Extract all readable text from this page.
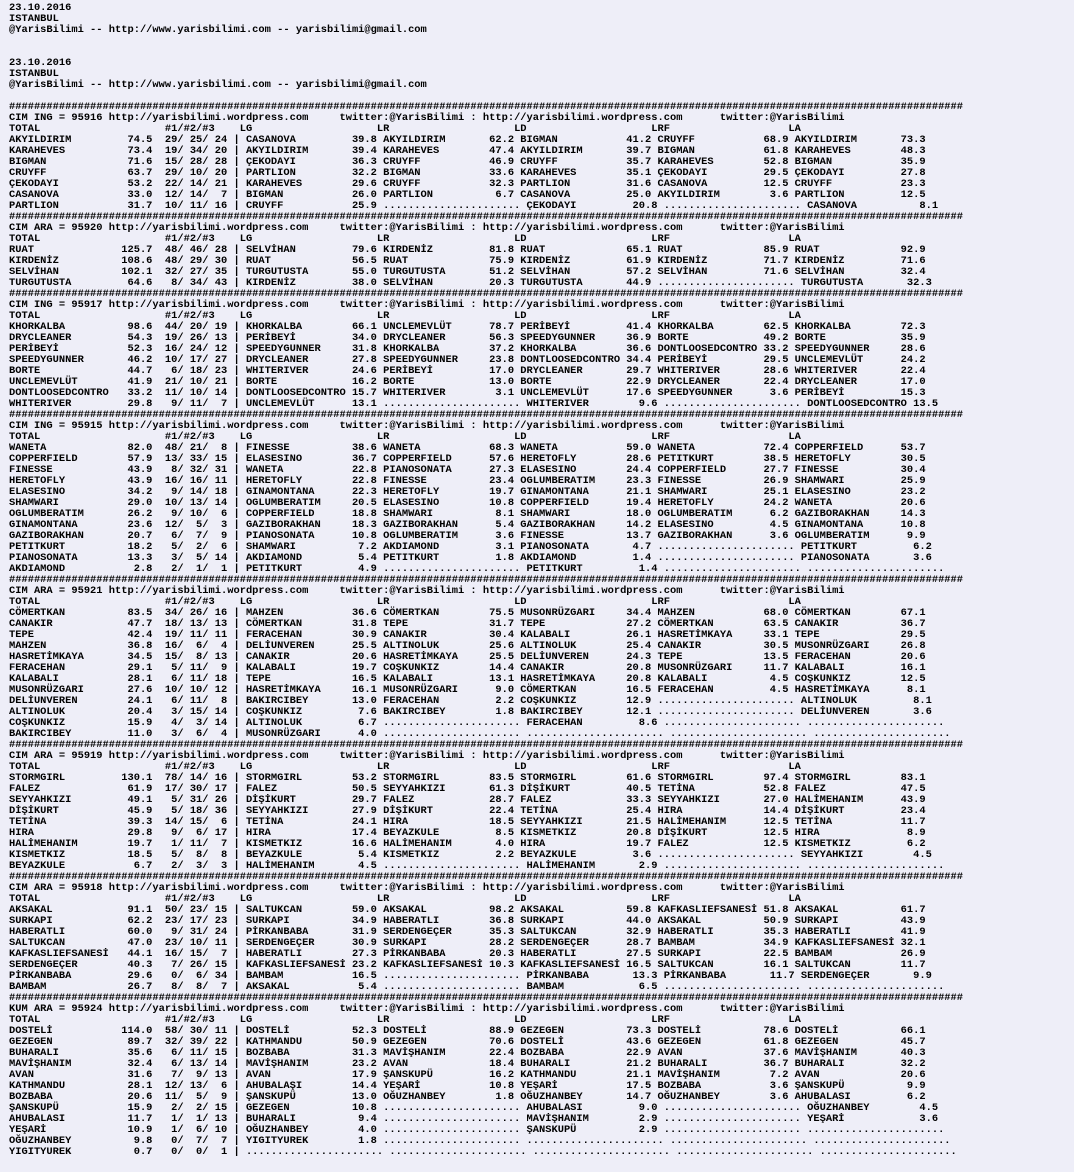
23.10.2016
ISTANBUL
@YarisBilimi -- http://www.yarisbilimi.com -- yarisbilimi@gmail.com
23.10.2016
ISTANBUL
@YarisBilimi -- http://www.yarisbilimi.com -- yarisbilimi@gmail.com
#########################################################################################################################################################
CIM ING = 95916 http://yarisbilimi.wordpress.com     twitter:@YarisBilimi : http://yarisbilimi.wordpress.com      twitter:@YarisBilimi
TOTAL                    #1/#2/#3    LG                    LR                    LD                    LRF                   LA
AKYILDIRIM         74.5  29/ 25/ 24 | CASANOVA         39.8 AKYILDIRIM       62.2 BIGMAN           41.2 CRUYFF           68.9 AKYILDIRIM       73.3
KARAHEVES          73.4  19/ 34/ 20 | AKYILDIRIM       39.4 KARAHEVES        47.4 AKYILDIRIM       39.7 BIGMAN           61.8 KARAHEVES        48.3
BIGMAN             71.6  15/ 28/ 28 | ÇEKODAYI         36.3 CRUYFF           46.9 CRUYFF           35.7 KARAHEVES        52.8 BIGMAN           35.9
CRUYFF             63.7  29/ 10/ 20 | PARTLION         32.2 BIGMAN           33.6 KARAHEVES        35.1 ÇEKODAYI         29.5 ÇEKODAYI         27.8
ÇEKODAYI           53.2  22/ 14/ 21 | KARAHEVES        29.6 CRUYFF           32.3 PARTLION         31.6 CASANOVA         12.5 CRUYFF           23.3
CASANOVA           33.0  12/ 14/  7 | BIGMAN           26.0 PARTLION          6.7 CASANOVA         25.0 AKYILDIRIM        3.6 PARTLION         12.5
PARTLION           31.7  10/ 11/ 16 | CRUYFF           25.9 ...................... ÇEKODAYI         20.8 ...................... CASANOVA          8.1
#########################################################################################################################################################
CIM ARA = 95920 http://yarisbilimi.wordpress.com     twitter:@YarisBilimi : http://yarisbilimi.wordpress.com      twitter:@YarisBilimi
TOTAL                    #1/#2/#3    LG                    LR                    LD                    LRF                   LA
RUAT              125.7  48/ 46/ 28 | SELVİHAN         79.6 KIRDENİZ         81.8 RUAT             65.1 RUAT             85.9 RUAT             92.9
KIRDENİZ          108.6  48/ 29/ 30 | RUAT             56.5 RUAT             75.9 KIRDENİZ         61.9 KIRDENİZ         71.7 KIRDENİZ         71.6
SELVİHAN          102.1  32/ 27/ 35 | TURGUTUSTA       55.0 TURGUTUSTA       51.2 SELVİHAN         57.2 SELVİHAN         71.6 SELVİHAN         32.4
TURGUTUSTA         64.6   8/ 34/ 43 | KIRDENİZ         38.0 SELVİHAN         20.3 TURGUTUSTA       44.9 ...................... TURGUTUSTA       32.3
#########################################################################################################################################################
CIM ING = 95917 http://yarisbilimi.wordpress.com     twitter:@YarisBilimi : http://yarisbilimi.wordpress.com      twitter:@YarisBilimi
TOTAL                    #1/#2/#3    LG                    LR                    LD                    LRF                   LA
KHORKALBA          98.6  44/ 20/ 19 | KHORKALBA        66.1 UNCLEMEVLÜT      78.7 PERİBEYİ         41.4 KHORKALBA        62.5 KHORKALBA        72.3
DRYCLEANER         54.3  19/ 26/ 13 | PERİBEYİ         34.0 DRYCLEANER       56.3 SPEEDYGUNNER     36.9 BORTE            49.2 BORTE            35.9
PERİBEYİ           52.3  16/ 24/ 12 | SPEEDYGUNNER     31.8 KHORKALBA        37.2 KHORKALBA        36.6 DONTLOOSEDCONTRO 33.2 SPEEDYGUNNER     28.6
SPEEDYGUNNER       46.2  10/ 17/ 27 | DRYCLEANER       27.8 SPEEDYGUNNER     23.8 DONTLOOSEDCONTRO 34.4 PERİBEYİ         29.5 UNCLEMEVLÜT      24.2
BORTE              44.7   6/ 18/ 23 | WHITERIVER       24.6 PERİBEYİ         17.0 DRYCLEANER       29.7 WHITERIVER       28.6 WHITERIVER       22.4
UNCLEMEVLÜT        41.9  21/ 10/ 21 | BORTE            16.2 BORTE            13.0 BORTE            22.9 DRYCLEANER       22.4 DRYCLEANER       17.0
DONTLOOSEDCONTRO   33.2  11/ 10/ 14 | DONTLOOSEDCONTRO 15.7 WHITERIVER        3.1 UNCLEMEVLÜT      17.6 SPEEDYGUNNER      3.6 PERİBEYİ         15.3
WHITERIVER         29.8   9/ 11/  7 | UNCLEMEVLÜT      13.1 ...................... WHITERIVER        9.6 ...................... DONTLOOSEDCONTRO 13.5
#########################################################################################################################################################
CIM ING = 95915 http://yarisbilimi.wordpress.com     twitter:@YarisBilimi : http://yarisbilimi.wordpress.com      twitter:@YarisBilimi
TOTAL                    #1/#2/#3    LG                    LR                    LD                    LRF                   LA
WANETA             82.0  48/ 21/  8 | FINESSE          38.6 WANETA           68.3 WANETA           59.0 WANETA           72.4 COPPERFIELD      53.7
COPPERFIELD        57.9  13/ 33/ 15 | ELASESINO        36.7 COPPERFIELD      57.6 HERETOFLY        28.6 PETITKURT        38.5 HERETOFLY        30.5
FINESSE            43.9   8/ 32/ 31 | WANETA           22.8 PIANOSONATA      27.3 ELASESINO        24.4 COPPERFIELD      27.7 FINESSE          30.4
HERETOFLY          43.9  16/ 16/ 11 | HERETOFLY        22.8 FINESSE          23.4 OGLUMBERATIM     23.3 FINESSE          26.9 SHAMWARI         25.9
ELASESINO          34.2   9/ 14/ 18 | GINAMONTANA      22.3 HERETOFLY        19.7 GINAMONTANA      21.1 SHAMWARI         25.1 ELASESINO        23.2
SHAMWARI           29.0  10/ 13/ 14 | OGLUMBERATIM     20.5 ELASESINO        10.8 COPPERFIELD      19.4 HERETOFLY        24.2 WANETA           20.6
OGLUMBERATIM       26.2   9/ 10/  6 | COPPERFIELD      18.8 SHAMWARI          8.1 SHAMWARI         18.0 OGLUMBERATIM      6.2 GAZIBORAKHAN     14.3
GINAMONTANA        23.6  12/  5/  3 | GAZIBORAKHAN     18.3 GAZIBORAKHAN      5.4 GAZIBORAKHAN     14.2 ELASESINO         4.5 GINAMONTANA      10.8
GAZIBORAKHAN       20.7   6/  7/  9 | PIANOSONATA      10.8 OGLUMBERATIM      3.6 FINESSE          13.7 GAZIBORAKHAN      3.6 OGLUMBERATIM      9.9
PETITKURT          18.2   5/  2/  6 | SHAMWARI          7.2 AKDIAMOND         3.1 PIANOSONATA       4.7 ...................... PETITKURT         6.2
PIANOSONATA        13.3   3/  5/ 14 | AKDIAMOND         5.4 PETITKURT         1.8 AKDIAMOND         1.4 ...................... PIANOSONATA       3.6
AKDIAMOND           2.8   2/  1/  1 | PETITKURT         4.9 ...................... PETITKURT         1.4 ...................... ......................
#########################################################################################################################################################
CIM ARA = 95921 http://yarisbilimi.wordpress.com     twitter:@YarisBilimi : http://yarisbilimi.wordpress.com      twitter:@YarisBilimi
TOTAL                    #1/#2/#3    LG                    LR                    LD                    LRF                   LA
CÖMERTKAN          83.5  34/ 26/ 16 | MAHZEN           36.6 CÖMERTKAN        75.5 MUSONRÜZGARI     34.4 MAHZEN           68.0 CÖMERTKAN        67.1
CANAKIR            47.7  18/ 13/ 13 | CÖMERTKAN        31.8 TEPE             31.7 TEPE             27.2 CÖMERTKAN        63.5 CANAKIR          36.7
TEPE               42.4  19/ 11/ 11 | FERACEHAN        30.9 CANAKIR          30.4 KALABALI         26.1 HASRETİMKAYA     33.1 TEPE             29.5
MAHZEN             36.8  16/  6/  4 | DELİUNVEREN      25.5 ALTINOLUK        25.6 ALTINOLUK        25.4 CANAKIR          30.5 MUSONRÜZGARI     26.8
HASRETİMKAYA       34.5  15/  8/ 13 | CANAKIR          20.6 HASRETİMKAYA     25.5 DELİUNVEREN      24.3 TEPE             13.5 FERACEHAN        20.6
FERACEHAN          29.1   5/ 11/  9 | KALABALI         19.7 COŞKUNKIZ        14.4 CANAKIR          20.8 MUSONRÜZGARI     11.7 KALABALI         16.1
KALABALI           28.1   6/ 11/ 18 | TEPE             16.5 KALABALI         13.1 HASRETİMKAYA     20.8 KALABALI          4.5 COŞKUNKIZ        12.5
MUSONRÜZGARI       27.6  10/ 10/ 12 | HASRETİMKAYA     16.1 MUSONRÜZGARI      9.0 CÖMERTKAN        16.5 FERACEHAN         4.5 HASRETİMKAYA      8.1
DELİUNVEREN        24.1   6/ 11/  8 | BAKIRCIBEY       13.0 FERACEHAN         2.2 COŞKUNKIZ        12.9 ...................... ALTINOLUK         8.1
ALTINOLUK          20.4   3/ 15/ 14 | COŞKUNKIZ         7.6 BAKIRCIBEY        1.8 BAKIRCIBEY       12.1 ...................... DELİUNVEREN       3.6
COŞKUNKIZ          15.9   4/  3/ 14 | ALTINOLUK         6.7 ...................... FERACEHAN         8.6 ...................... ......................
BAKIRCIBEY         11.0   3/  6/  4 | MUSONRÜZGARI      4.0 ...................... ...................... ...................... ......................
#########################################################################################################################################################
CIM ARA = 95919 http://yarisbilimi.wordpress.com     twitter:@YarisBilimi : http://yarisbilimi.wordpress.com      twitter:@YarisBilimi
TOTAL                    #1/#2/#3    LG                    LR                    LD                    LRF                   LA
STORMGIRL         130.1  78/ 14/ 16 | STORMGIRL        53.2 STORMGIRL        83.5 STORMGIRL        61.6 STORMGIRL        97.4 STORMGIRL        83.1
FALEZ              61.9  17/ 30/ 17 | FALEZ            50.5 SEYYAHKIZI       61.3 DİŞİKURT         40.5 TETİNA           52.8 FALEZ            47.5
SEYYAHKIZI         49.1   5/ 31/ 26 | DİŞİKURT         29.7 FALEZ            28.7 FALEZ            33.3 SEYYAHKIZI       27.0 HALİMEHANIM      43.9
DİŞİKURT           45.9   5/ 18/ 36 | SEYYAHKIZI       27.9 DİŞİKURT         22.4 TETİNA           25.4 HIRA             14.4 DİŞİKURT         23.4
TETİNA             39.3  14/ 15/  6 | TETİNA           24.1 HIRA             18.5 SEYYAHKIZI       21.5 HALİMEHANIM      12.5 TETİNA           11.7
HIRA               29.8   9/  6/ 17 | HIRA             17.4 BEYAZKULE         8.5 KISMETKIZ        20.8 DİŞİKURT         12.5 HIRA              8.9
HALİMEHANIM        19.7   1/ 11/  7 | KISMETKIZ        16.6 HALİMEHANIM       4.0 HIRA             19.7 FALEZ            12.5 KISMETKIZ         6.2
KISMETKIZ          18.5   5/  8/  8 | BEYAZKULE         5.4 KISMETKIZ         2.2 BEYAZKULE         3.6 ...................... SEYYAHKIZI        4.5
BEYAZKULE           6.7   2/  3/  3 | HALİMEHANIM       4.5 ...................... HALİMEHANIM       2.9 ...................... ......................
#########################################################################################################################################################
CIM ARA = 95918 http://yarisbilimi.wordpress.com     twitter:@YarisBilimi : http://yarisbilimi.wordpress.com      twitter:@YarisBilimi
TOTAL                    #1/#2/#3    LG                    LR                    LD                    LRF                   LA
AKSAKAL            91.1  50/ 23/ 15 | SALTUKCAN        59.0 AKSAKAL          98.2 AKSAKAL          59.8 KAFKASLIEFSANESİ 51.8 AKSAKAL          61.7
SURKAPI            62.2  23/ 17/ 23 | SURKAPI          34.9 HABERATLI        36.8 SURKAPI          44.0 AKSAKAL          50.9 SURKAPI          43.9
HABERATLI          60.0   9/ 31/ 24 | PİRKANBABA       31.9 SERDENGEÇER      35.3 SALTUKCAN        32.9 HABERATLI        35.3 HABERATLI        41.9
SALTUKCAN          47.0  23/ 10/ 11 | SERDENGEÇER      30.9 SURKAPI          28.2 SERDENGEÇER      28.7 BAMBAM           34.9 KAFKASLIEFSANESİ 32.1
KAFKASLIEFSANESİ   44.1  16/ 15/  7 | HABERATLI        27.3 PİRKANBABA       20.3 HABERATLI        27.5 SURKAPI          22.5 BAMBAM           26.9
SERDENGEÇER        40.3   7/ 26/ 15 | KAFKASLIEFSANESİ 23.2 KAFKASLIEFSANESİ 10.3 KAFKASLIEFSANESİ 16.5 SALTUKCAN        16.1 SALTUKCAN        11.7
PİRKANBABA         29.6   0/  6/ 34 | BAMBAM           16.5 ...................... PİRKANBABA       13.3 PİRKANBABA       11.7 SERDENGEÇER       9.9
BAMBAM             26.7   8/  8/  7 | AKSAKAL           5.4 ...................... BAMBAM            6.5 ...................... ......................
#########################################################################################################################################################
KUM ARA = 95924 http://yarisbilimi.wordpress.com     twitter:@YarisBilimi : http://yarisbilimi.wordpress.com      twitter:@YarisBilimi
TOTAL                    #1/#2/#3    LG                    LR                    LD                    LRF                   LA
DOSTELİ           114.0  58/ 30/ 11 | DOSTELİ          52.3 DOSTELİ          88.9 GEZEGEN          73.3 DOSTELİ          78.6 DOSTELİ          66.1
GEZEGEN            89.7  32/ 39/ 22 | KATHMANDU        50.9 GEZEGEN          70.6 DOSTELİ          43.6 GEZEGEN          61.8 GEZEGEN          45.7
BUHARALI           35.6   6/ 11/ 15 | BOZBABA          31.3 MAVİŞHANIM       22.4 BOZBABA          22.9 AVAN             37.6 MAVİŞHANIM       40.3
MAVİŞHANIM         32.4   6/ 13/ 14 | MAVİŞHANIM       23.2 AVAN             18.4 BUHARALI         21.2 BUHARALI         36.7 BUHARALI         32.2
AVAN               31.6   7/  9/ 13 | AVAN             17.9 ŞANSKUPÜ         16.2 KATHMANDU        21.1 MAVİŞHANIM        7.2 AVAN             20.6
KATHMANDU          28.1  12/ 13/  6 | AHUBALAŞI        14.4 YEŞARİ           10.8 YEŞARİ           17.5 BOZBABA           3.6 ŞANSKUPÜ          9.9
BOZBABA            20.6  11/  5/  9 | ŞANSKUPÜ         13.0 OĞUZHANBEY        1.8 OĞUZHANBEY       14.7 OĞUZHANBEY        3.6 AHUBALASI         6.2
ŞANSKUPÜ           15.9   2/  2/ 15 | GEZEGEN          10.8 ...................... AHUBALASI         9.0 ...................... OĞUZHANBEY        4.5
AHUBALASI          11.7   1/  1/ 13 | BUHARALI          9.4 ...................... MAVİŞHANIM        2.9 ...................... YEŞARİ            3.6
YEŞARİ             10.9   1/  6/ 10 | OĞUZHANBEY        4.0 ...................... ŞANSKUPÜ          2.9 ...................... ......................
OĞUZHANBEY          9.8   0/  7/  7 | YIGITYUREK        1.8 ...................... ...................... ...................... ......................
YIGITYUREK          0.7   0/  0/  1 | ...................... ...................... ...................... ...................... ......................
